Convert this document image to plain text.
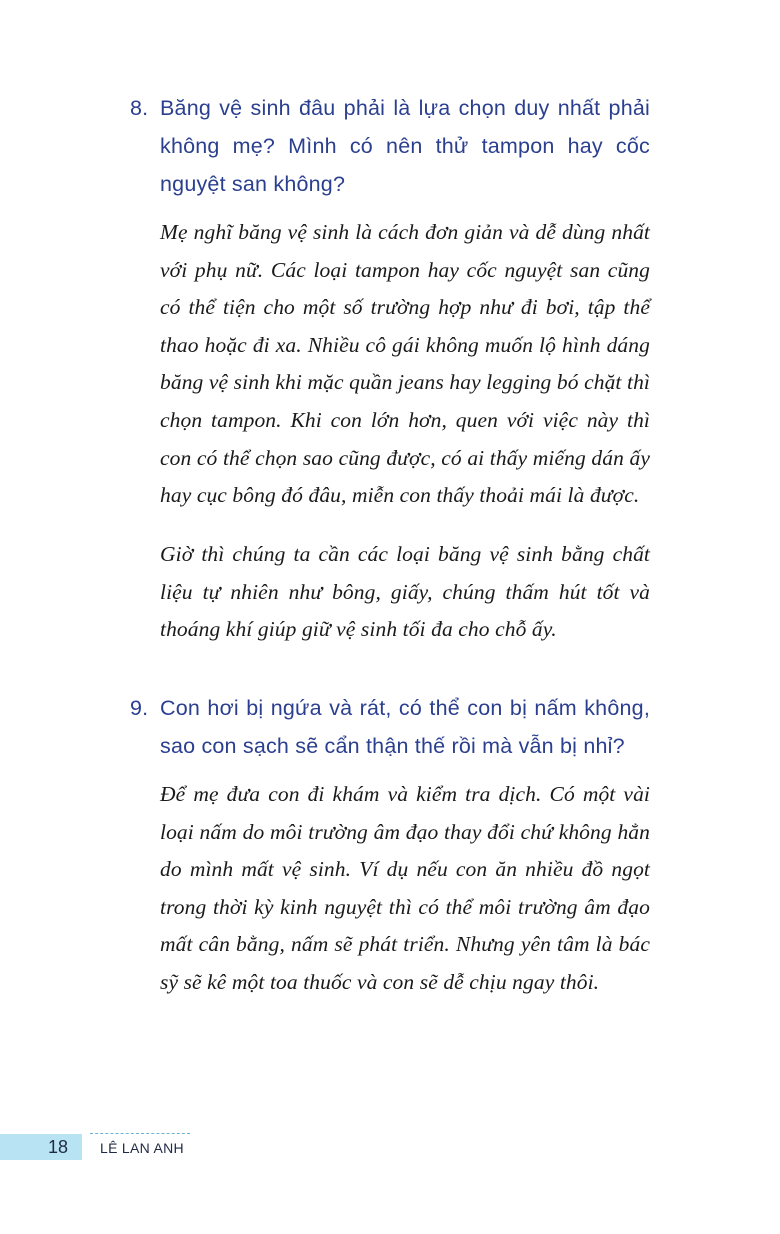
8. Băng vệ sinh đâu phải là lựa chọn duy nhất phải không mẹ? Mình có nên thử tampon hay cốc nguyệt san không?

Mẹ nghĩ băng vệ sinh là cách đơn giản và dễ dùng nhất với phụ nữ. Các loại tampon hay cốc nguyệt san cũng có thể tiện cho một số trường hợp như đi bơi, tập thể thao hoặc đi xa. Nhiều cô gái không muốn lộ hình dáng băng vệ sinh khi mặc quần jeans hay legging bó chặt thì chọn tampon. Khi con lớn hơn, quen với việc này thì con có thể chọn sao cũng được, có ai thấy miếng dán ấy hay cục bông đó đâu, miễn con thấy thoải mái là được.

Giờ thì chúng ta cần các loại băng vệ sinh bằng chất liệu tự nhiên như bông, giấy, chúng thấm hút tốt và thoáng khí giúp giữ vệ sinh tối đa cho chỗ ấy.

9. Con hơi bị ngứa và rát, có thể con bị nấm không, sao con sạch sẽ cẩn thận thế rồi mà vẫn bị nhỉ?

Để mẹ đưa con đi khám và kiểm tra dịch. Có một vài loại nấm do môi trường âm đạo thay đổi chứ không hẳn do mình mất vệ sinh. Ví dụ nếu con ăn nhiều đồ ngọt trong thời kỳ kinh nguyệt thì có thể môi trường âm đạo mất cân bằng, nấm sẽ phát triển. Nhưng yên tâm là bác sỹ sẽ kê một toa thuốc và con sẽ dễ chịu ngay thôi.

18	LÊ LAN ANH
